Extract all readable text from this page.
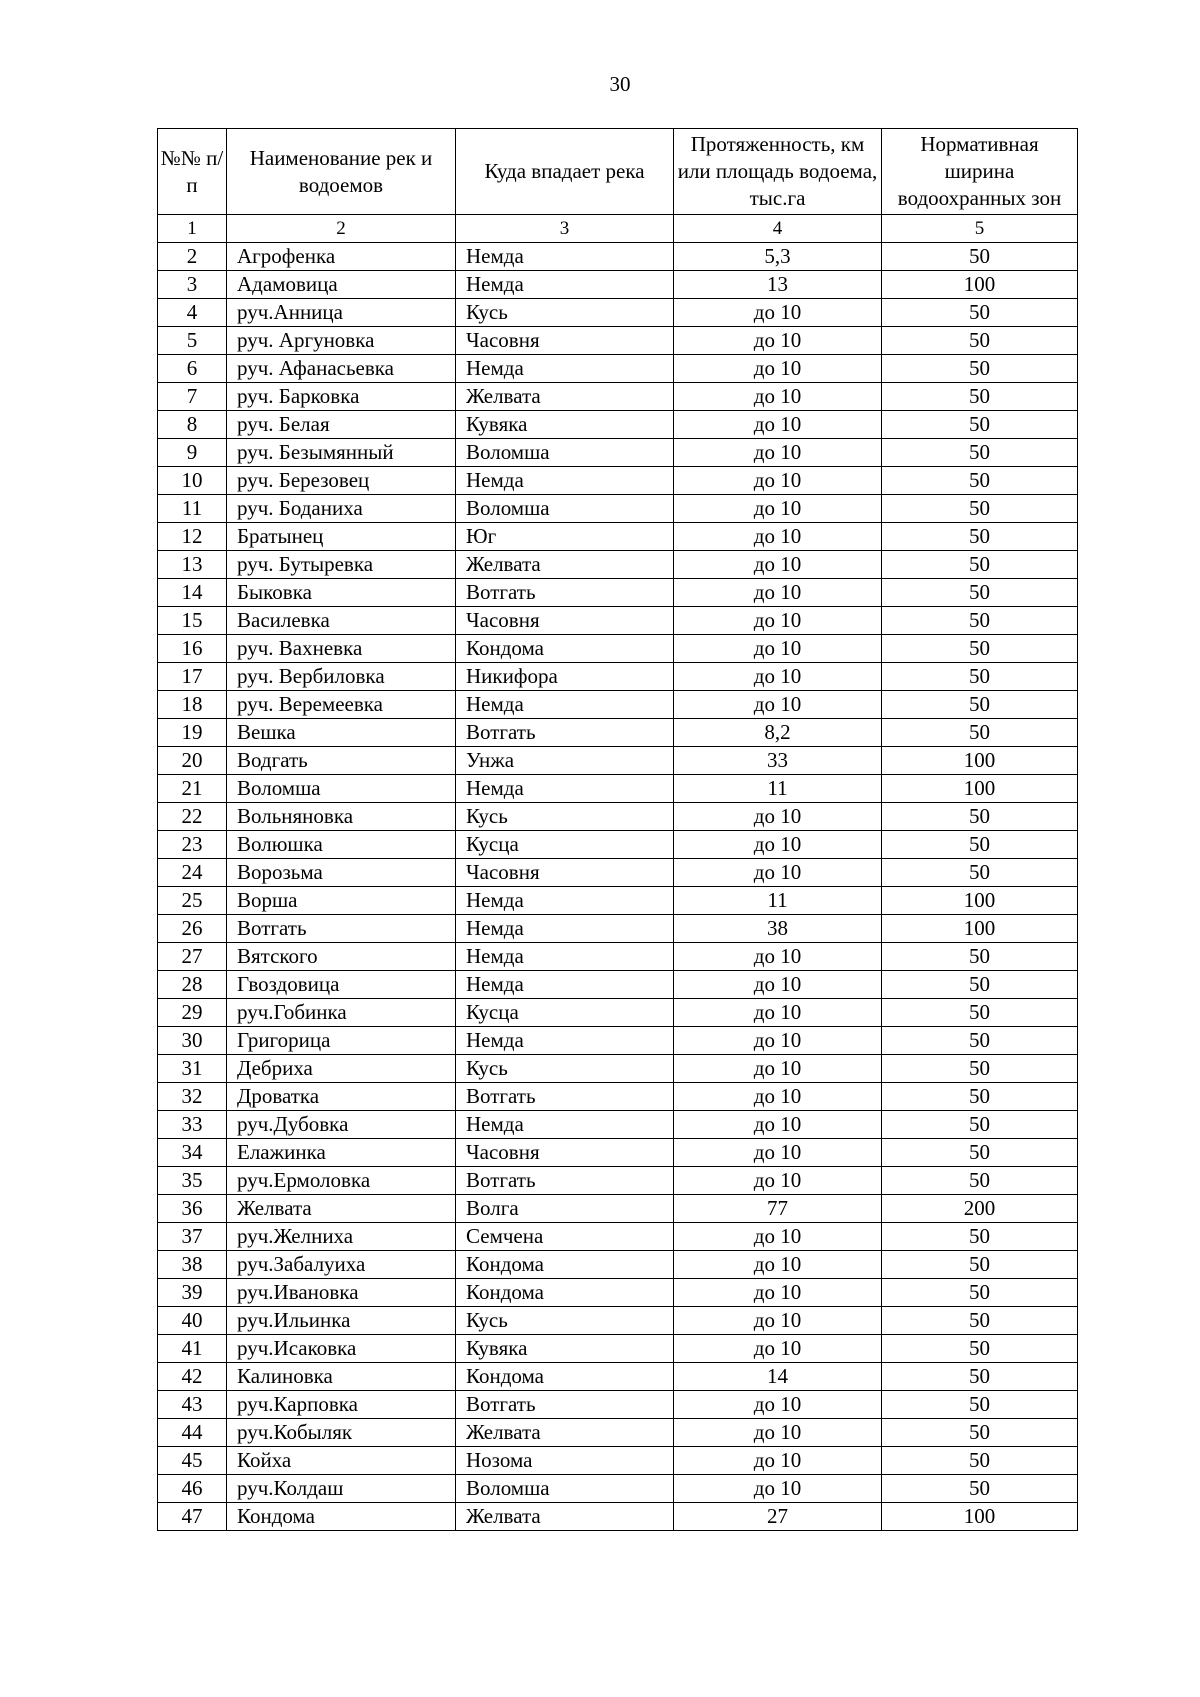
30
№№ п/п	Наименование рек и водоемов	Куда впадает река	Протяженность, км или площадь водоема, тыс.га	Нормативная ширина водоохранных зон
1	2	3	4	5
2	Агрофенка	Немда	5,3	50
3	Адамовица	Немда	13	100
4	руч.Анница	Кусь	до 10	50
5	руч. Аргуновка	Часовня	до 10	50
6	руч. Афанасьевка	Немда	до 10	50
7	руч. Барковка	Желвата	до 10	50
8	руч. Белая	Кувяка	до 10	50
9	руч. Безымянный	Воломша	до 10	50
10	руч. Березовец	Немда	до 10	50
11	руч. Боданиха	Воломша	до 10	50
12	Братынец	Юг	до 10	50
13	руч. Бутыревка	Желвата	до 10	50
14	Быковка	Вотгать	до 10	50
15	Василевка	Часовня	до 10	50
16	руч. Вахневка	Кондома	до 10	50
17	руч. Вербиловка	Никифора	до 10	50
18	руч. Веремеевка	Немда	до 10	50
19	Вешка	Вотгать	8,2	50
20	Водгать	Унжа	33	100
21	Воломша	Немда	11	100
22	Вольняновка	Кусь	до 10	50
23	Волюшка	Кусца	до 10	50
24	Ворозьма	Часовня	до 10	50
25	Ворша	Немда	11	100
26	Вотгать	Немда	38	100
27	Вятского	Немда	до 10	50
28	Гвоздовица	Немда	до 10	50
29	руч.Гобинка	Кусца	до 10	50
30	Григорица	Немда	до 10	50
31	Дебриха	Кусь	до 10	50
32	Дроватка	Вотгать	до 10	50
33	руч.Дубовка	Немда	до 10	50
34	Елажинка	Часовня	до 10	50
35	руч.Ермоловка	Вотгать	до 10	50
36	Желвата	Волга	77	200
37	руч.Желниха	Семчена	до 10	50
38	руч.Забалуиха	Кондома	до 10	50
39	руч.Ивановка	Кондома	до 10	50
40	руч.Ильинка	Кусь	до 10	50
41	руч.Исаковка	Кувяка	до 10	50
42	Калиновка	Кондома	14	50
43	руч.Карповка	Вотгать	до 10	50
44	руч.Кобыляк	Желвата	до 10	50
45	Койха	Нозома	до 10	50
46	руч.Колдаш	Воломша	до 10	50
47	Кондома	Желвата	27	100
